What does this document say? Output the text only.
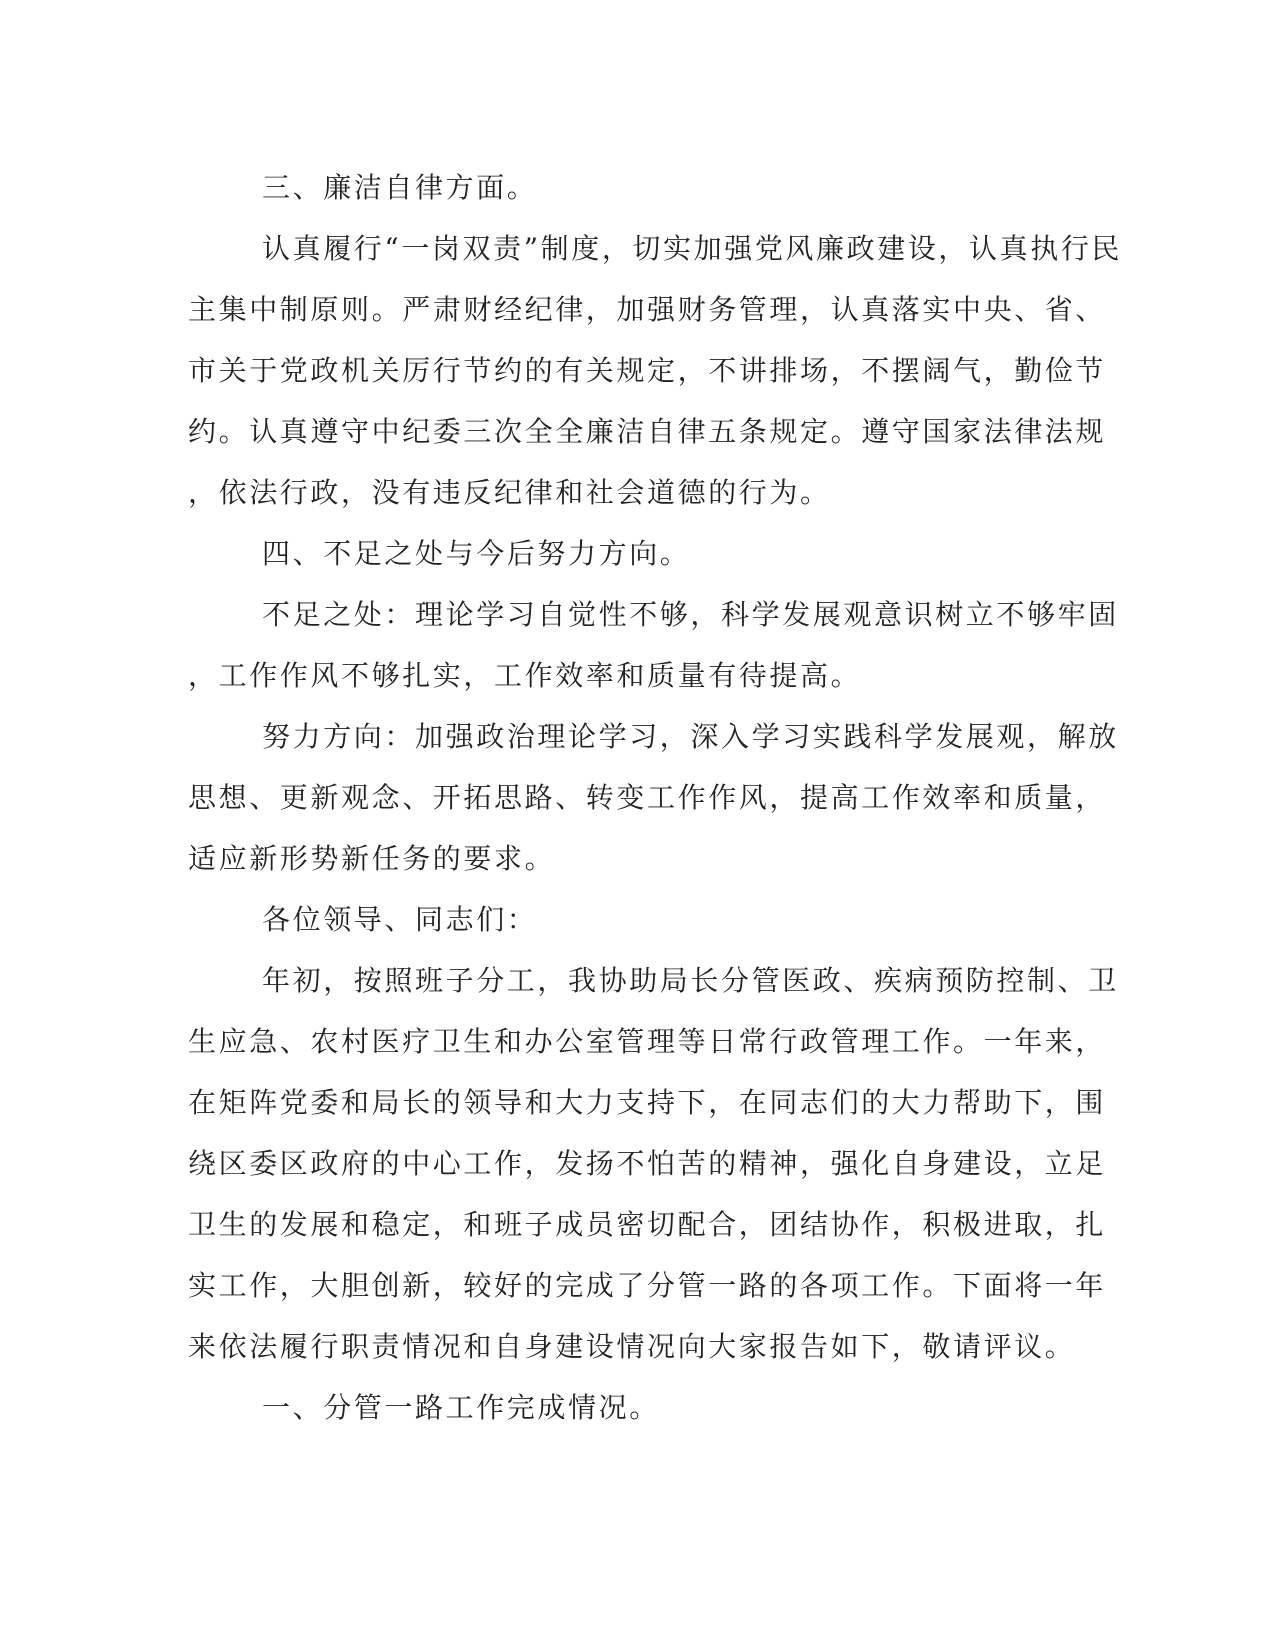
三、廉洁自律方面。
认真履行“一岗双责”制度，切实加强党风廉政建设，认真执行民
主集中制原则。严肃财经纪律，加强财务管理，认真落实中央、省、
市关于党政机关厉行节约的有关规定，不讲排场，不摆阔气，勤俭节
约。认真遵守中纪委三次全全廉洁自律五条规定。遵守国家法律法规
，依法行政，没有违反纪律和社会道德的行为。
四、不足之处与今后努力方向。
不足之处：理论学习自觉性不够，科学发展观意识树立不够牢固
，工作作风不够扎实，工作效率和质量有待提高。
努力方向：加强政治理论学习，深入学习实践科学发展观，解放
思想、更新观念、开拓思路、转变工作作风，提高工作效率和质量，
适应新形势新任务的要求。
各位领导、同志们：
年初，按照班子分工，我协助局长分管医政、疾病预防控制、卫
生应急、农村医疗卫生和办公室管理等日常行政管理工作。一年来，
在矩阵党委和局长的领导和大力支持下，在同志们的大力帮助下，围
绕区委区政府的中心工作，发扬不怕苦的精神，强化自身建设，立足
卫生的发展和稳定，和班子成员密切配合，团结协作，积极进取，扎
实工作，大胆创新，较好的完成了分管一路的各项工作。下面将一年
来依法履行职责情况和自身建设情况向大家报告如下，敬请评议。
一、分管一路工作完成情况。
